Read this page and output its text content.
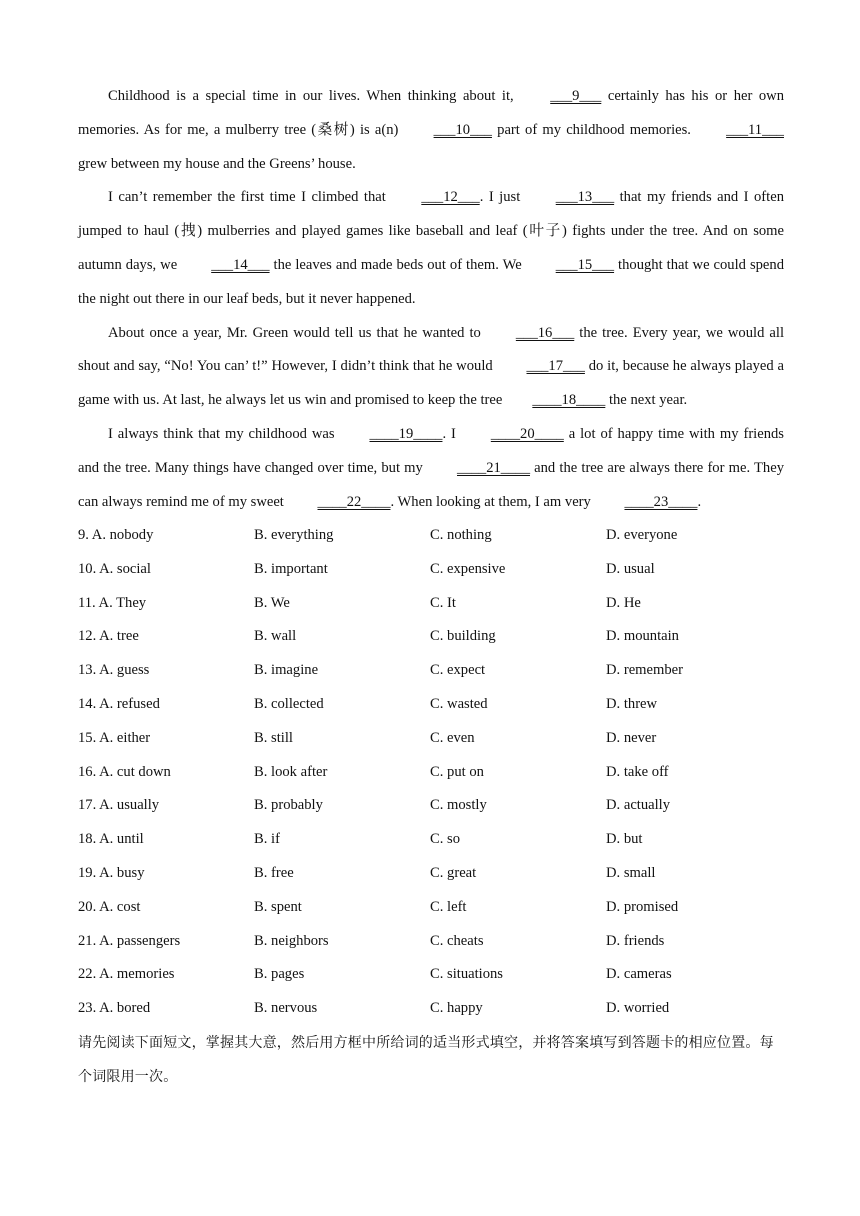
Childhood is a special time in our lives. When thinking about it, ___9___ certainly has his or her own memories. As for me, a mulberry tree (桑树) is a(n) ___10___ part of my childhood memories. ___11___ grew between my house and the Greens’ house.

I can’t remember the first time I climbed that ___12___. I just ___13___ that my friends and I often jumped to haul (拽) mulberries and played games like baseball and leaf (叶子) fights under the tree. And on some autumn days, we ___14___ the leaves and made beds out of them. We ___15___ thought that we could spend the night out there in our leaf beds, but it never happened.

About once a year, Mr. Green would tell us that he wanted to ___16___ the tree. Every year, we would all shout and say, “No! You can’ t!” However, I didn’t think that he would ___17___ do it, because he always played a game with us. At last, he always let us win and promised to keep the tree ____18____ the next year.

I always think that my childhood was ____19____. I ____20____ a lot of happy time with my friends and the tree. Many things have changed over time, but my ____21____ and the tree are always there for me. They can always remind me of my sweet ____22____. When looking at them, I am very ____23____.

9. A. nobody	B. everything	C. nothing	D. everyone
10. A. social	B. important	C. expensive	D. usual
11. A. They	B. We	C. It	D. He
12. A. tree	B. wall	C. building	D. mountain
13. A. guess	B. imagine	C. expect	D. remember
14. A. refused	B. collected	C. wasted	D. threw
15. A. either	B. still	C. even	D. never
16. A. cut down	B. look after	C. put on	D. take off
17. A. usually	B. probably	C. mostly	D. actually
18. A. until	B. if	C. so	D. but
19. A. busy	B. free	C. great	D. small
20. A. cost	B. spent	C. left	D. promised
21. A. passengers	B. neighbors	C. cheats	D. friends
22. A. memories	B. pages	C. situations	D. cameras
23. A. bored	B. nervous	C. happy	D. worried

请先阅读下面短文，掌握其大意，然后用方框中所给词的适当形式填空，并将答案填写到答题卡的相应位置。每个词限用一次。
